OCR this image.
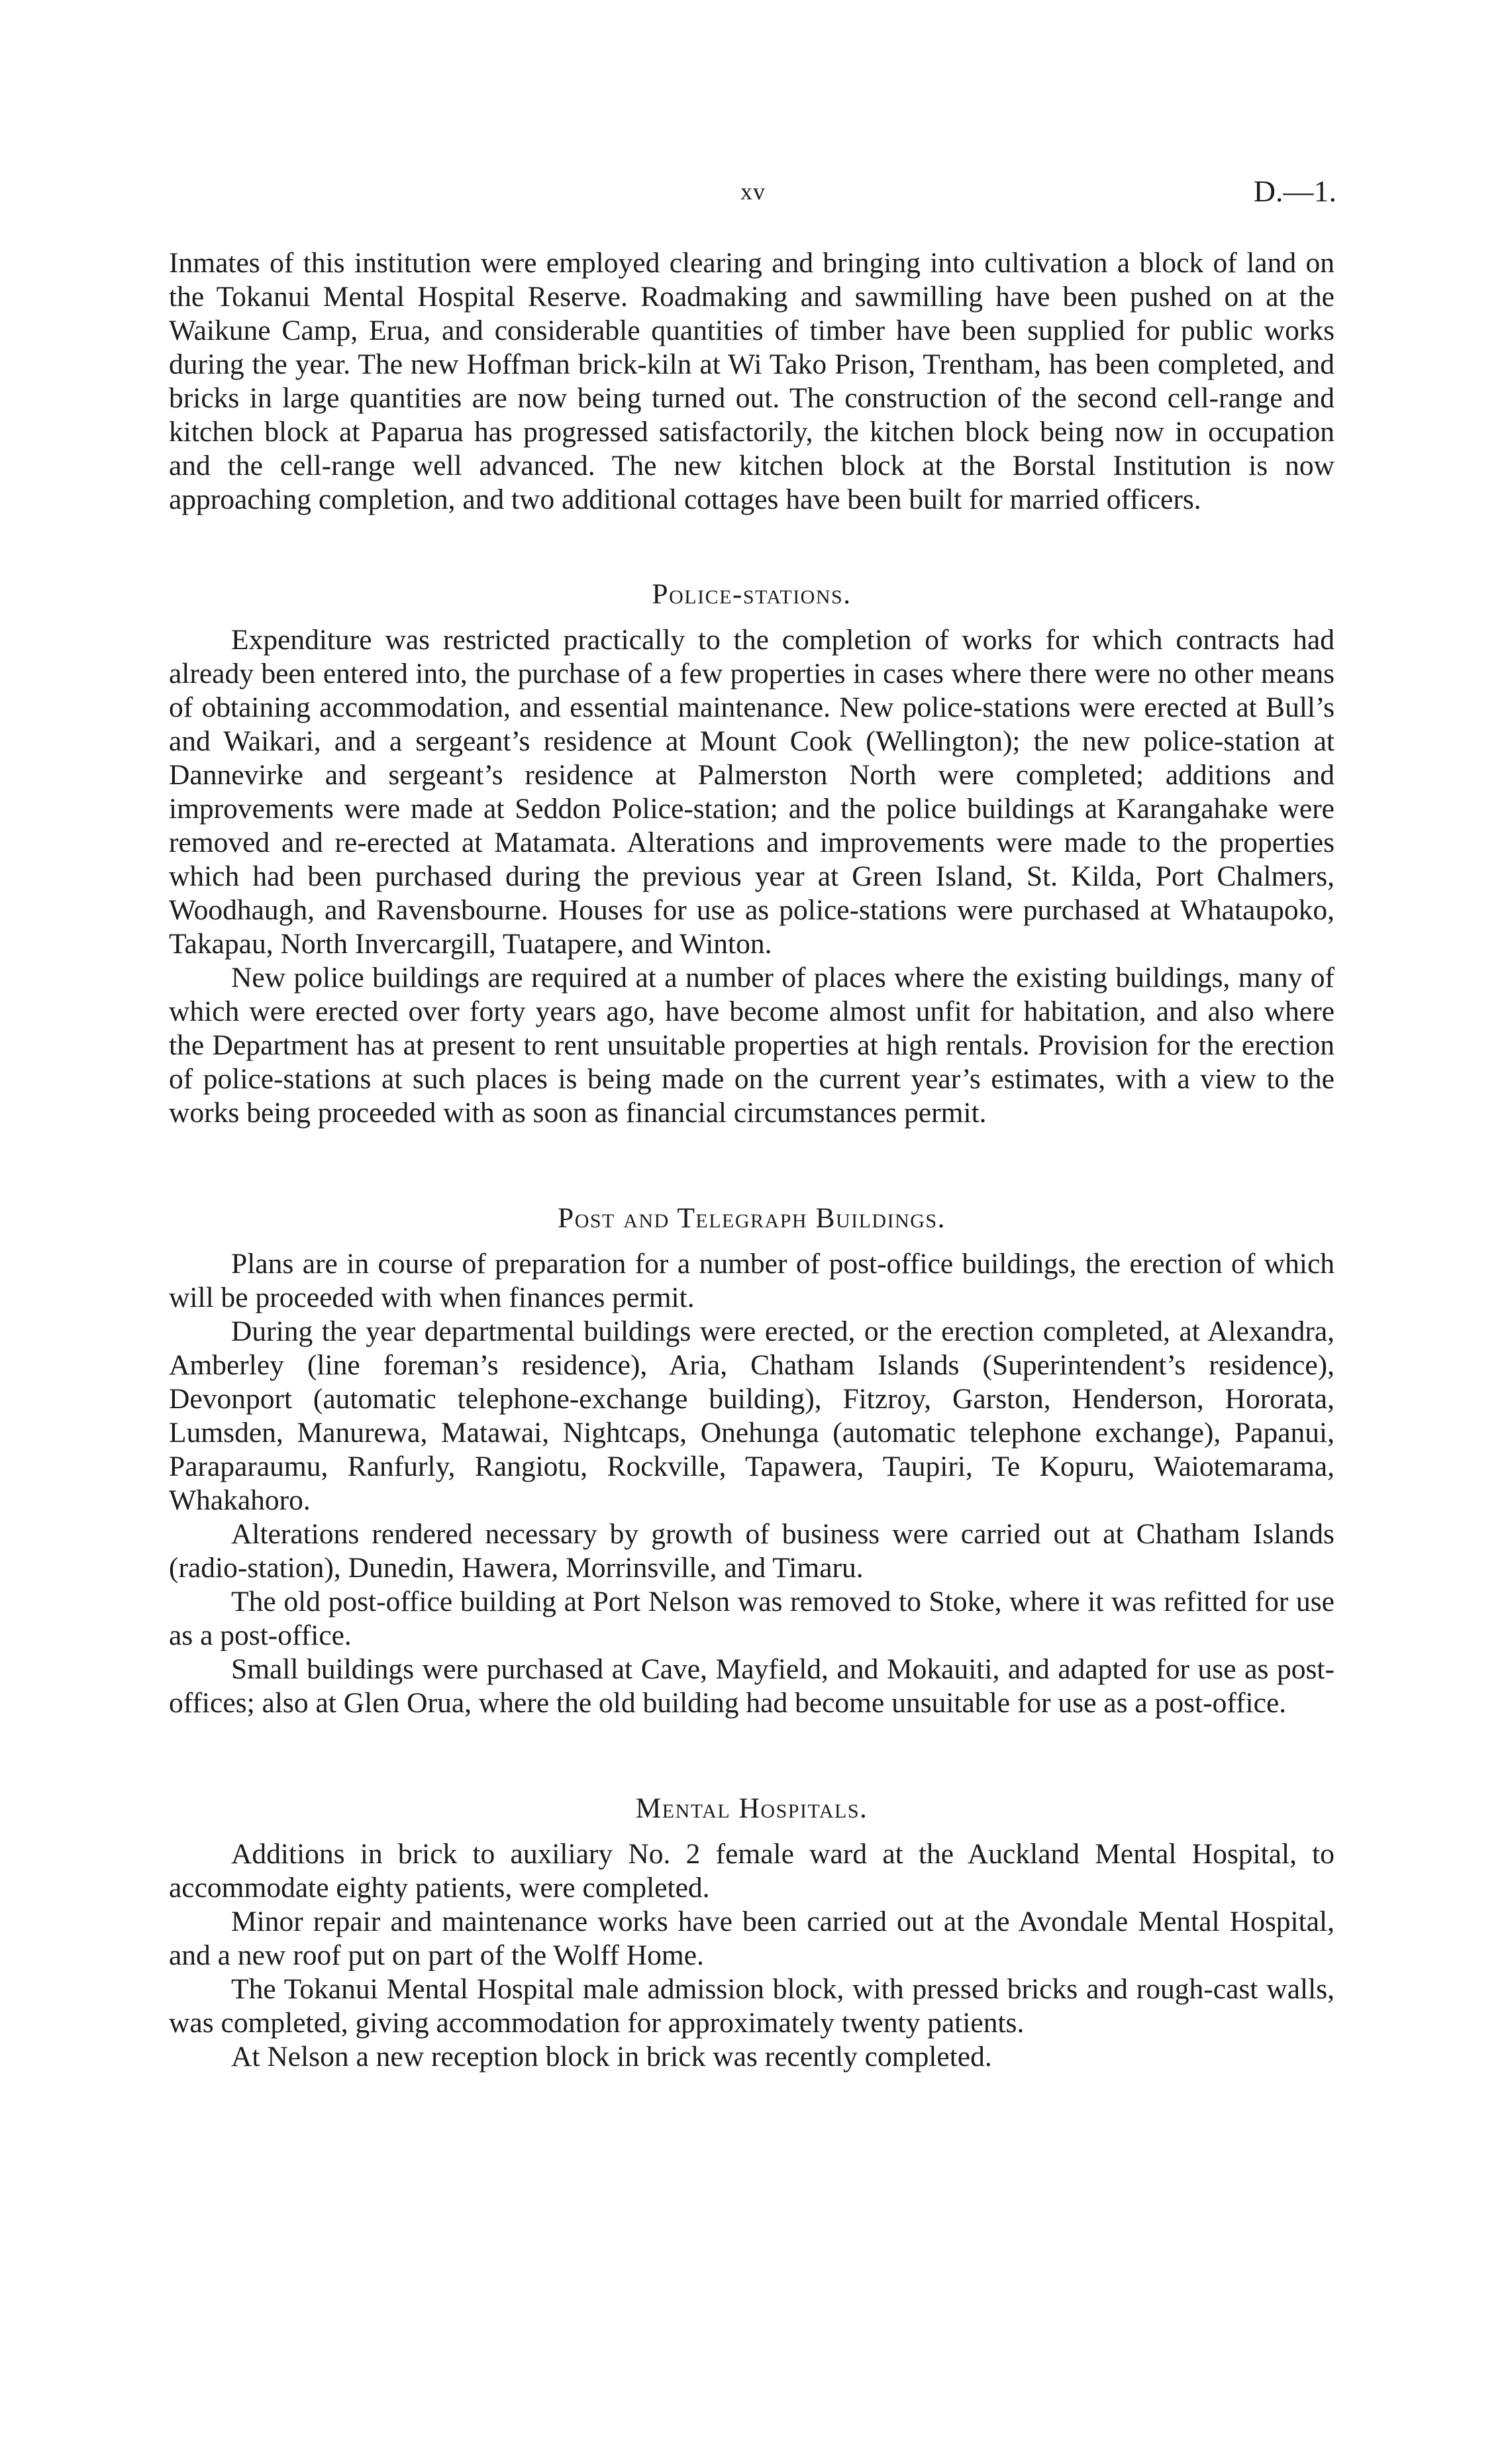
xv	D.—1.

Inmates of this institution were employed clearing and bringing into cultivation a block of land on the Tokanui Mental Hospital Reserve. Roadmaking and sawmilling have been pushed on at the Waikune Camp, Erua, and considerable quantities of timber have been supplied for public works during the year. The new Hoffman brick-kiln at Wi Tako Prison, Trentham, has been completed, and bricks in large quantities are now being turned out. The construction of the second cell-range and kitchen block at Paparua has progressed satisfactorily, the kitchen block being now in occupation and the cell-range well advanced. The new kitchen block at the Borstal Institution is now approaching completion, and two additional cottages have been built for married officers.

Police-stations.

Expenditure was restricted practically to the completion of works for which contracts had already been entered into, the purchase of a few properties in cases where there were no other means of obtaining accommodation, and essential maintenance. New police-stations were erected at Bull’s and Waikari, and a sergeant’s residence at Mount Cook (Wellington); the new police-station at Dannevirke and sergeant’s residence at Palmerston North were completed; additions and improvements were made at Seddon Police-station; and the police buildings at Karangahake were removed and re-erected at Matamata. Alterations and improvements were made to the properties which had been purchased during the previous year at Green Island, St. Kilda, Port Chalmers, Woodhaugh, and Ravensbourne. Houses for use as police-stations were purchased at Whataupoko, Takapau, North Invercargill, Tuatapere, and Winton.

New police buildings are required at a number of places where the existing buildings, many of which were erected over forty years ago, have become almost unfit for habitation, and also where the Department has at present to rent unsuitable properties at high rentals. Provision for the erection of police-stations at such places is being made on the current year’s estimates, with a view to the works being proceeded with as soon as financial circumstances permit.

Post and Telegraph Buildings.

Plans are in course of preparation for a number of post-office buildings, the erection of which will be proceeded with when finances permit.

During the year departmental buildings were erected, or the erection completed, at Alexandra, Amberley (line foreman’s residence), Aria, Chatham Islands (Superintendent’s residence), Devonport (automatic telephone-exchange building), Fitzroy, Garston, Henderson, Hororata, Lumsden, Manurewa, Matawai, Nightcaps, Onehunga (automatic telephone exchange), Papanui, Paraparaumu, Ranfurly, Rangiotu, Rockville, Tapawera, Taupiri, Te Kopuru, Waiotemarama, Whakahoro.

Alterations rendered necessary by growth of business were carried out at Chatham Islands (radio-station), Dunedin, Hawera, Morrinsville, and Timaru.

The old post-office building at Port Nelson was removed to Stoke, where it was refitted for use as a post-office.

Small buildings were purchased at Cave, Mayfield, and Mokauiti, and adapted for use as post-offices; also at Glen Orua, where the old building had become unsuitable for use as a post-office.

Mental Hospitals.

Additions in brick to auxiliary No. 2 female ward at the Auckland Mental Hospital, to accommodate eighty patients, were completed.

Minor repair and maintenance works have been carried out at the Avondale Mental Hospital, and a new roof put on part of the Wolff Home.

The Tokanui Mental Hospital male admission block, with pressed bricks and rough-cast walls, was completed, giving accommodation for approximately twenty patients.

At Nelson a new reception block in brick was recently completed.
